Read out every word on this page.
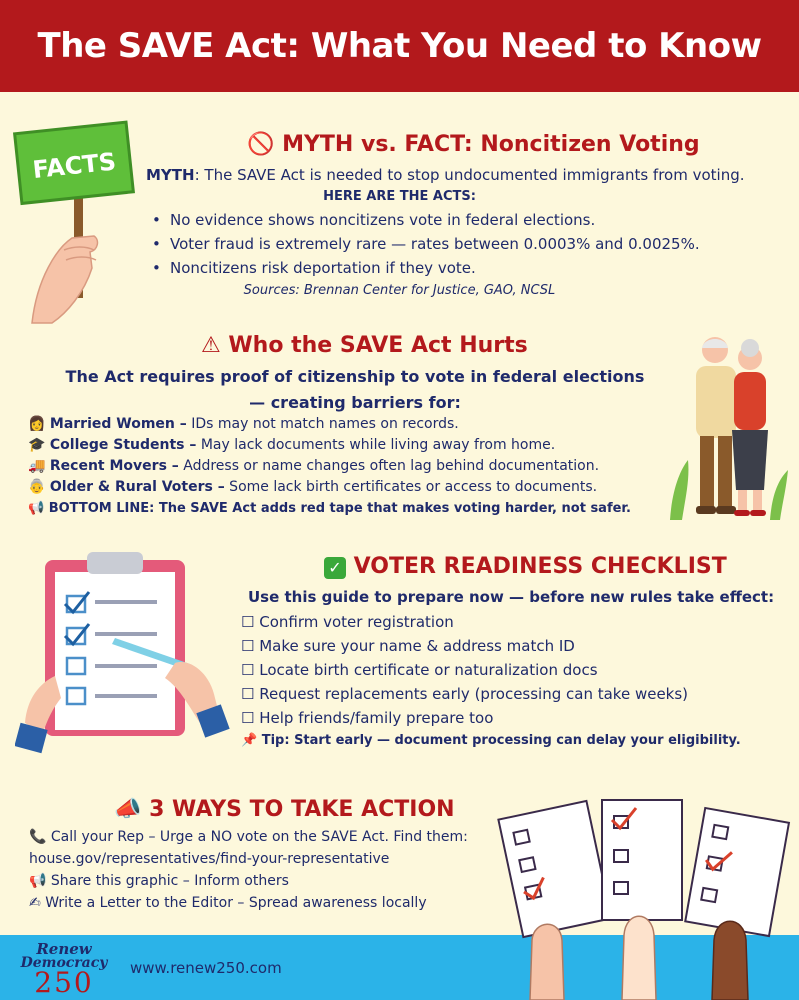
The SAVE Act: What You Need to Know
FACTS
🚫 MYTH vs. FACT: Noncitizen Voting
MYTH: The SAVE Act is needed to stop undocumented immigrants from voting.
HERE ARE THE ACTS:
• No evidence shows noncitizens vote in federal elections.
• Voter fraud is extremely rare — rates between 0.0003% and 0.0025%.
• Noncitizens risk deportation if they vote.
Sources: Brennan Center for Justice, GAO, NCSL
⚠ Who the SAVE Act Hurts
The Act requires proof of citizenship to vote in federal elections
— creating barriers for:
👩 Married Women – IDs may not match names on records.
🎓 College Students – May lack documents while living away from home.
🚚 Recent Movers – Address or name changes often lag behind documentation.
👵 Older & Rural Voters – Some lack birth certificates or access to documents.
📢 BOTTOM LINE: The SAVE Act adds red tape that makes voting harder, not safer.
✓ VOTER READINESS CHECKLIST
Use this guide to prepare now — before new rules take effect:
☐ Confirm voter registration
☐ Make sure your name & address match ID
☐ Locate birth certificate or naturalization docs
☐ Request replacements early (processing can take weeks)
☐ Help friends/family prepare too
📌 Tip: Start early — document processing can delay your eligibility.
📣 3 WAYS TO TAKE ACTION
📞 Call your Rep – Urge a NO vote on the SAVE Act. Find them:
house.gov/representatives/find-your-representative
📢 Share this graphic – Inform others
✍ Write a Letter to the Editor – Spread awareness locally
Renew
Democracy
250	www.renew250.com
